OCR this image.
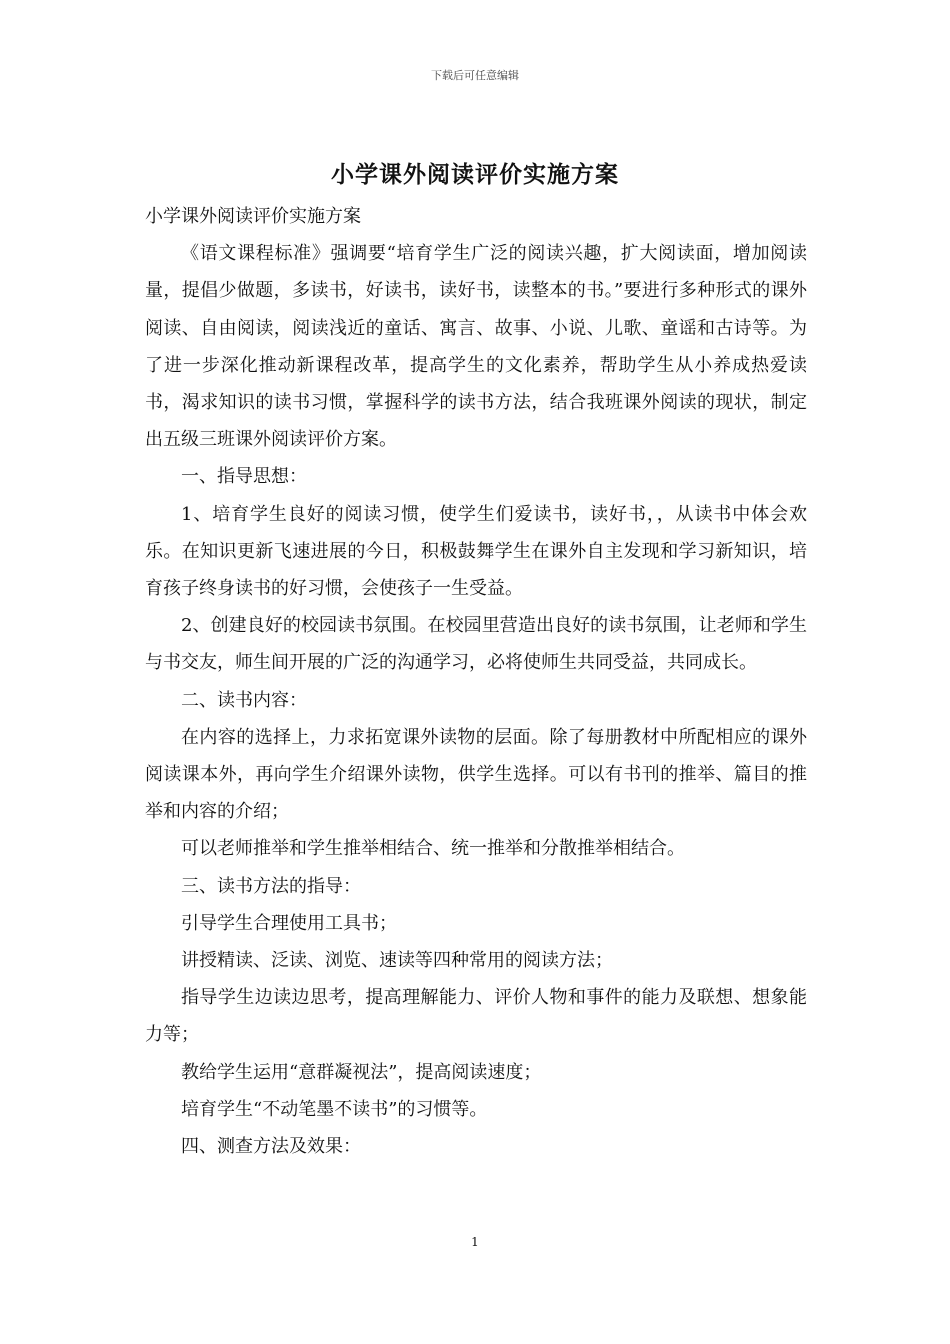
下载后可任意编辑
小学课外阅读评价实施方案

小学课外阅读评价实施方案

《语文课程标准》强调要“培育学生广泛的阅读兴趣，扩大阅读面，增加阅读量，提倡少做题，多读书，好读书，读好书，读整本的书。”要进行多种形式的课外阅读、自由阅读，阅读浅近的童话、寓言、故事、小说、儿歌、童谣和古诗等。为了进一步深化推动新课程改革，提高学生的文化素养，帮助学生从小养成热爱读书，渴求知识的读书习惯，掌握科学的读书方法，结合我班课外阅读的现状，制定出五级三班课外阅读评价方案。

一、指导思想：

1、培育学生良好的阅读习惯，使学生们爱读书，读好书，，从读书中体会欢乐。在知识更新飞速进展的今日，积极鼓舞学生在课外自主发现和学习新知识，培育孩子终身读书的好习惯，会使孩子一生受益。

2、创建良好的校园读书氛围。在校园里营造出良好的读书氛围，让老师和学生与书交友，师生间开展的广泛的沟通学习，必将使师生共同受益，共同成长。

二、读书内容：

在内容的选择上，力求拓宽课外读物的层面。除了每册教材中所配相应的课外阅读课本外，再向学生介绍课外读物，供学生选择。可以有书刊的推举、篇目的推举和内容的介绍；

可以老师推举和学生推举相结合、统一推举和分散推举相结合。

三、读书方法的指导：

引导学生合理使用工具书；

讲授精读、泛读、浏览、速读等四种常用的阅读方法；

指导学生边读边思考，提高理解能力、评价人物和事件的能力及联想、想象能力等；

教给学生运用“意群凝视法”，提高阅读速度；

培育学生“不动笔墨不读书”的习惯等。

四、测查方法及效果：

1
